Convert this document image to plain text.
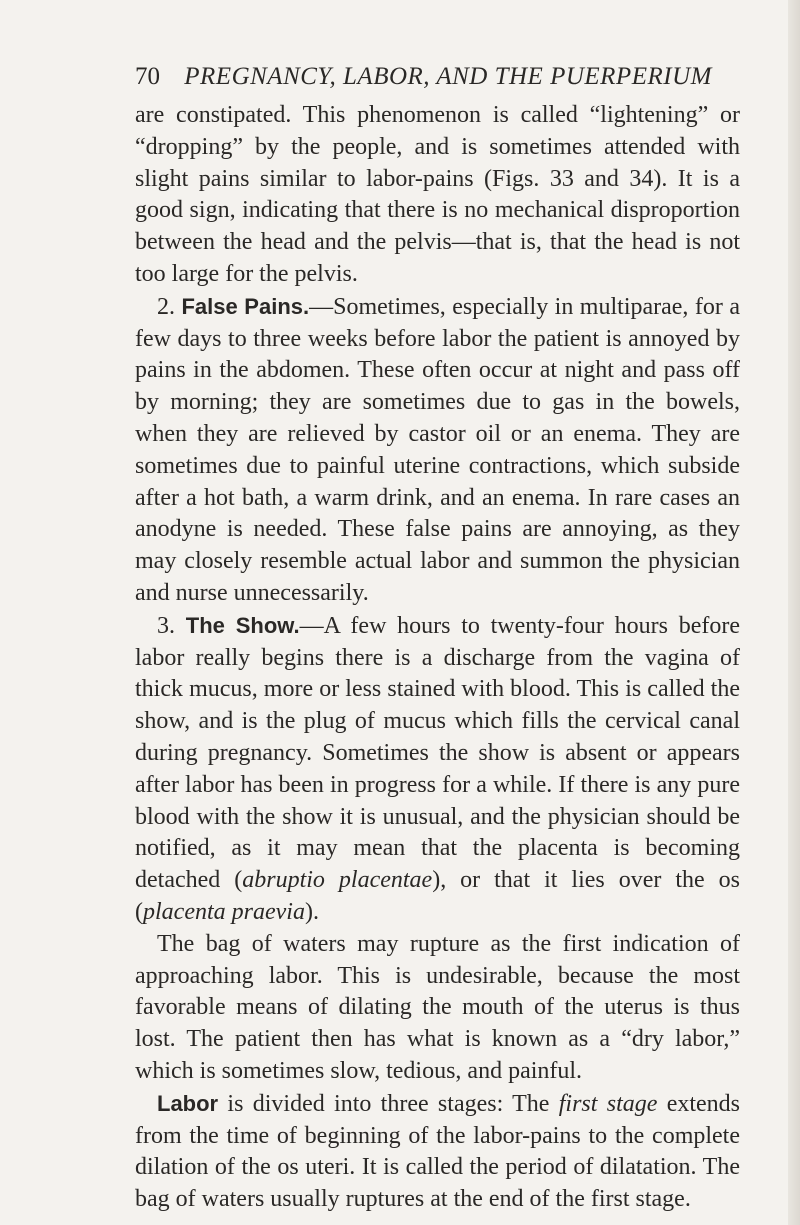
70 PREGNANCY, LABOR, AND THE PUERPERIUM

are constipated. This phenomenon is called “lightening” or “dropping” by the people, and is sometimes attended with slight pains similar to labor-pains (Figs. 33 and 34). It is a good sign, indicating that there is no mechanical disproportion between the head and the pelvis—that is, that the head is not too large for the pelvis.

2. False Pains.—Sometimes, especially in multiparae, for a few days to three weeks before labor the patient is annoyed by pains in the abdomen. These often occur at night and pass off by morning; they are sometimes due to gas in the bowels, when they are relieved by castor oil or an enema. They are sometimes due to painful uterine contractions, which subside after a hot bath, a warm drink, and an enema. In rare cases an anodyne is needed. These false pains are annoying, as they may closely resemble actual labor and summon the physician and nurse unnecessarily.

3. The Show.—A few hours to twenty-four hours before labor really begins there is a discharge from the vagina of thick mucus, more or less stained with blood. This is called the show, and is the plug of mucus which fills the cervical canal during pregnancy. Sometimes the show is absent or appears after labor has been in progress for a while. If there is any pure blood with the show it is unusual, and the physician should be notified, as it may mean that the placenta is becoming detached (abruptio placentae), or that it lies over the os (placenta praevia).

The bag of waters may rupture as the first indication of approaching labor. This is undesirable, because the most favorable means of dilating the mouth of the uterus is thus lost. The patient then has what is known as a “dry labor,” which is sometimes slow, tedious, and painful.

Labor is divided into three stages: The first stage extends from the time of beginning of the labor-pains to the complete dilation of the os uteri. It is called the period of dilatation. The bag of waters usually ruptures at the end of the first stage.
